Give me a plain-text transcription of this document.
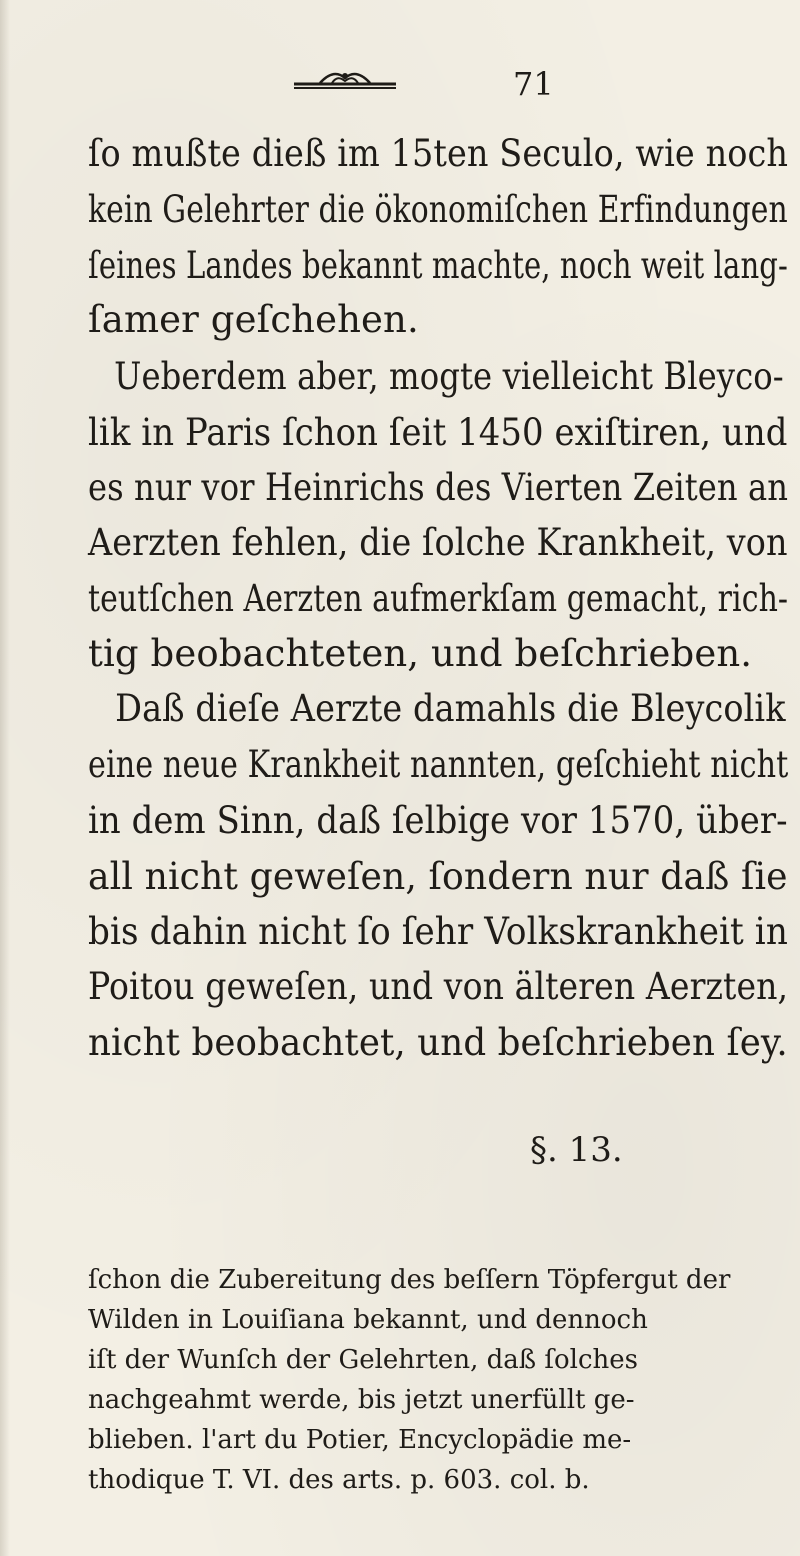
71
ſo mußte dieß im 15ten Seculo, wie noch
kein Gelehrter die ökonomiſchen Erfindungen
ſeines Landes bekannt machte, noch weit lang-
ſamer geſchehen.
Ueberdem aber, mogte vielleicht Bleyco-
lik in Paris ſchon ſeit 1450 exiſtiren, und
es nur vor Heinrichs des Vierten Zeiten an
Aerzten fehlen, die ſolche Krankheit, von
teutſchen Aerzten aufmerkſam gemacht, rich-
tig beobachteten, und beſchrieben.
Daß dieſe Aerzte damahls die Bleycolik
eine neue Krankheit nannten, geſchieht nicht
in dem Sinn, daß ſelbige vor 1570, über-
all nicht geweſen, ſondern nur daß ſie
bis dahin nicht ſo ſehr Volkskrankheit in
Poitou geweſen, und von älteren Aerzten,
nicht beobachtet, und beſchrieben ſey.
§. 13.
ſchon die Zubereitung des beſſern Töpfergut der
Wilden in Louiſiana bekannt, und dennoch
iſt der Wunſch der Gelehrten, daß ſolches
nachgeahmt werde, bis jetzt unerfüllt ge-
blieben. l'art du Potier, Encyclopädie me-
thodique T. VI. des arts. p. 603. col. b.
